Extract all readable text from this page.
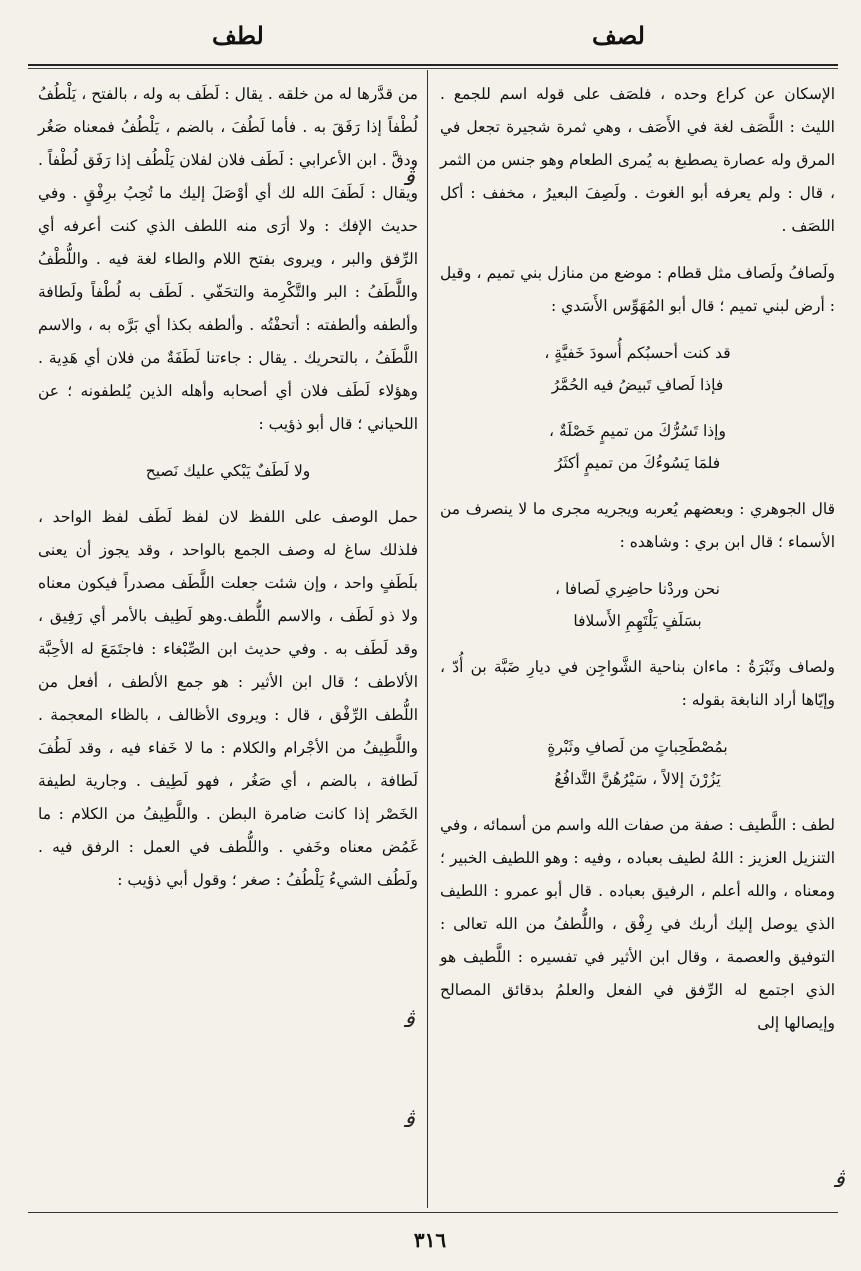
لصف
لطف

الإسكان عن كراع وحده ، فلصَف على قوله اسم للجمع . الليث : اللَّصَف لغة في الأَصَف ، وهي ثمرة شجيرة تجعل في المرق وله عصارة يصطبغ به يُمرى الطعام وهو جنس من الثمر ، قال : ولم يعرفه أبو الغوث . ولَصِفَ البعيرُ ، مخفف : أكل اللصَف .

ولَصافُ ولَصاف مثل قطام : موضع من منازل بني تميم ، وقيل : أرض لبني تميم ؛ قال أبو المُهَوِّس الأَسَدي :

قد كنت أحسبُكم أُسودَ خَفيَّةٍ ،
فإذا لَصافِ تَبيضُ فيه الحُمَّرُ
وإذا تَسُرُّكَ من تميمٍ خَصْلَةٌ ،
فلمَا يَسُوءُكَ من تميمٍ أكثَرُ

قال الجوهري : وبعضهم يُعربه ويجريه مجرى ما لا ينصرف من الأسماء ؛ قال ابن بري : وشاهده :

نحن وردْنا حاضِري لَصافا ،
بسَلَفٍ يَلْتَهِمِ الأَسلافا

ولصاف وثَبْرَةُ : ماءان بناحية الشَّواجِن في ديارِ ضَبَّة بن أُدّ ، وإيّاها أراد النابغة بقوله :

بمُصْطَحِباتٍ من لَصافِ وثَبْرةٍ
يَزُرْنَ إلالاً ، سَيْرُهُنَّ التَّدافُعُ

لطف : اللَّطيف : صفة من صفات الله واسم من أسمائه ، وفي التنزيل العزيز : اللهُ لطيف بعباده ، وفيه : وهو اللطيف الخبير ؛ ومعناه ، والله أعلم ، الرفيق بعباده . قال أبو عمرو : اللطيف الذي يوصل إليك أربك في رِفْق ، واللُّطفُ من الله تعالى : التوفيق والعصمة ، وقال ابن الأثير في تفسيره : اللَّطيف هو الذي اجتمع له الرِّفق في الفعل والعلمُ بدقائق المصالح وإيصالها إلى

من قدَّرها له من خلقه . يقال : لَطَف به وله ، بالفتح ، يَلْطُفُ لُطْفاً إذا رَفَقَ به . فأما لَطُفَ ، بالضم ، يَلْطُفُ فمعناه صَغُر ودقَّ . ابن الأعرابي : لَطَف فلان لفلان يَلْطُف إذا رَفَق لُطْفاً . ويقال : لَطَفَ الله لك أي أوْصَلَ إليك ما تُحِبُ برِفْقٍ . وفي حديث الإفك : ولا أرَى منه اللطف الذي كنت أعرفه أي الرِّفق والبر ، ويروى بفتح اللام والطاء لغة فيه . واللُّطْفُ واللَّطَفُ : البر والتَّكْرِمة والتحَفّي . لَطَف به لُطْفاً ولَطافة وألطفه وألطفته : أتحفْتُه . وألطفه بكذا أي بَرَّه به ، والاسم اللَّطَفُ ، بالتحريك . يقال : جاءتنا لَطَفَةٌ من فلان أي هَدِية . وهؤلاء لَطَف فلان أي أصحابه وأهله الذين يُلطفونه ؛ عن اللحياني ؛ قال أبو ذؤيب :

ولا لَطَفٌ يَبْكي عليك نَصيح

حمل الوصف على اللفظ لان لفظ لَطَف لفظ الواحد ، فلذلك ساغ له وصف الجمع بالواحد ، وقد يجوز أن يعنى بلَطَفٍ واحد ، وإن شئت جعلت اللَّطَف مصدراً فيكون معناه ولا ذو لَطَف ، والاسم اللُّطف.وهو لَطِيف بالأمر أي رَفِيق ، وقد لَطَف به . وفي حديث ابن الصِّبْغاء : فاجتَمَعَ له الأحِبَّة الألاطف ؛ قال ابن الأثير : هو جمع الألطف ، أفعل من اللُّطف الرِّفْق ، قال : ويروى الأظالف ، بالظاء المعجمة . واللَّطِيفُ من الأجْرام والكلام : ما لا خَفاء فيه ، وقد لَطُفَ لَطافة ، بالضم ، أي صَغُر ، فهو لَطِيف . وجارية لطيفة الخَصْر إذا كانت ضامرة البطن . واللَّطِيفُ من الكلام : ما غَمُض معناه وخَفي . واللُّطف في العمل : الرفق فيه . ولَطُف الشيءُ يَلْطُفُ : صغر ؛ وقول أبي ذؤيب :

ﭬ
ﭬ
ﭬ
ﭬ
٣١٦
